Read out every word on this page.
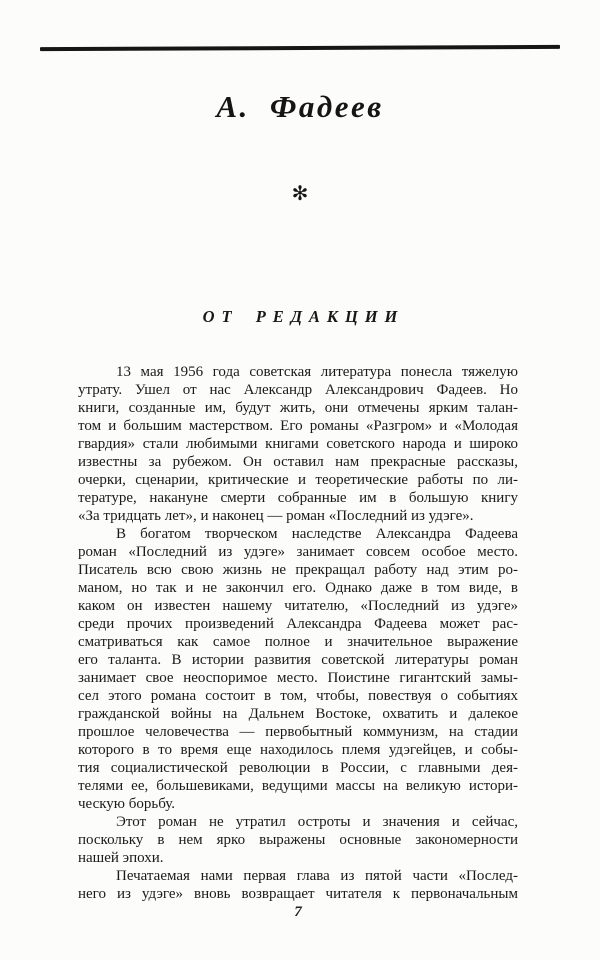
А. Фадеев
✻
ОТ РЕДАКЦИИ
13 мая 1956 года советская литература понесла тяжелую
утрату. Ушел от нас Александр Александрович Фадеев. Но
книги, созданные им, будут жить, они отмечены ярким талан-
том и большим мастерством. Его романы «Разгром» и «Молодая
гвардия» стали любимыми книгами советского народа и широко
известны за рубежом. Он оставил нам прекрасные рассказы,
очерки, сценарии, критические и теоретические работы по ли-
тературе, накануне смерти собранные им в большую книгу
«За тридцать лет», и наконец — роман «Последний из удэге».
В богатом творческом наследстве Александра Фадеева
роман «Последний из удэге» занимает совсем особое место.
Писатель всю свою жизнь не прекращал работу над этим ро-
маном, но так и не закончил его. Однако даже в том виде, в
каком он известен нашему читателю, «Последний из удэге»
среди прочих произведений Александра Фадеева может рас-
сматриваться как самое полное и значительное выражение
его таланта. В истории развития советской литературы роман
занимает свое неоспоримое место. Поистине гигантский замы-
сел этого романа состоит в том, чтобы, повествуя о событиях
гражданской войны на Дальнем Востоке, охватить и далекое
прошлое человечества — первобытный коммунизм, на стадии
которого в то время еще находилось племя удэгейцев, и собы-
тия социалистической революции в России, с главными дея-
телями ее, большевиками, ведущими массы на великую истори-
ческую борьбу.
Этот роман не утратил остроты и значения и сейчас,
поскольку в нем ярко выражены основные закономерности
нашей эпохи.
Печатаемая нами первая глава из пятой части «Послед-
него из удэге» вновь возвращает читателя к первоначальным
7
